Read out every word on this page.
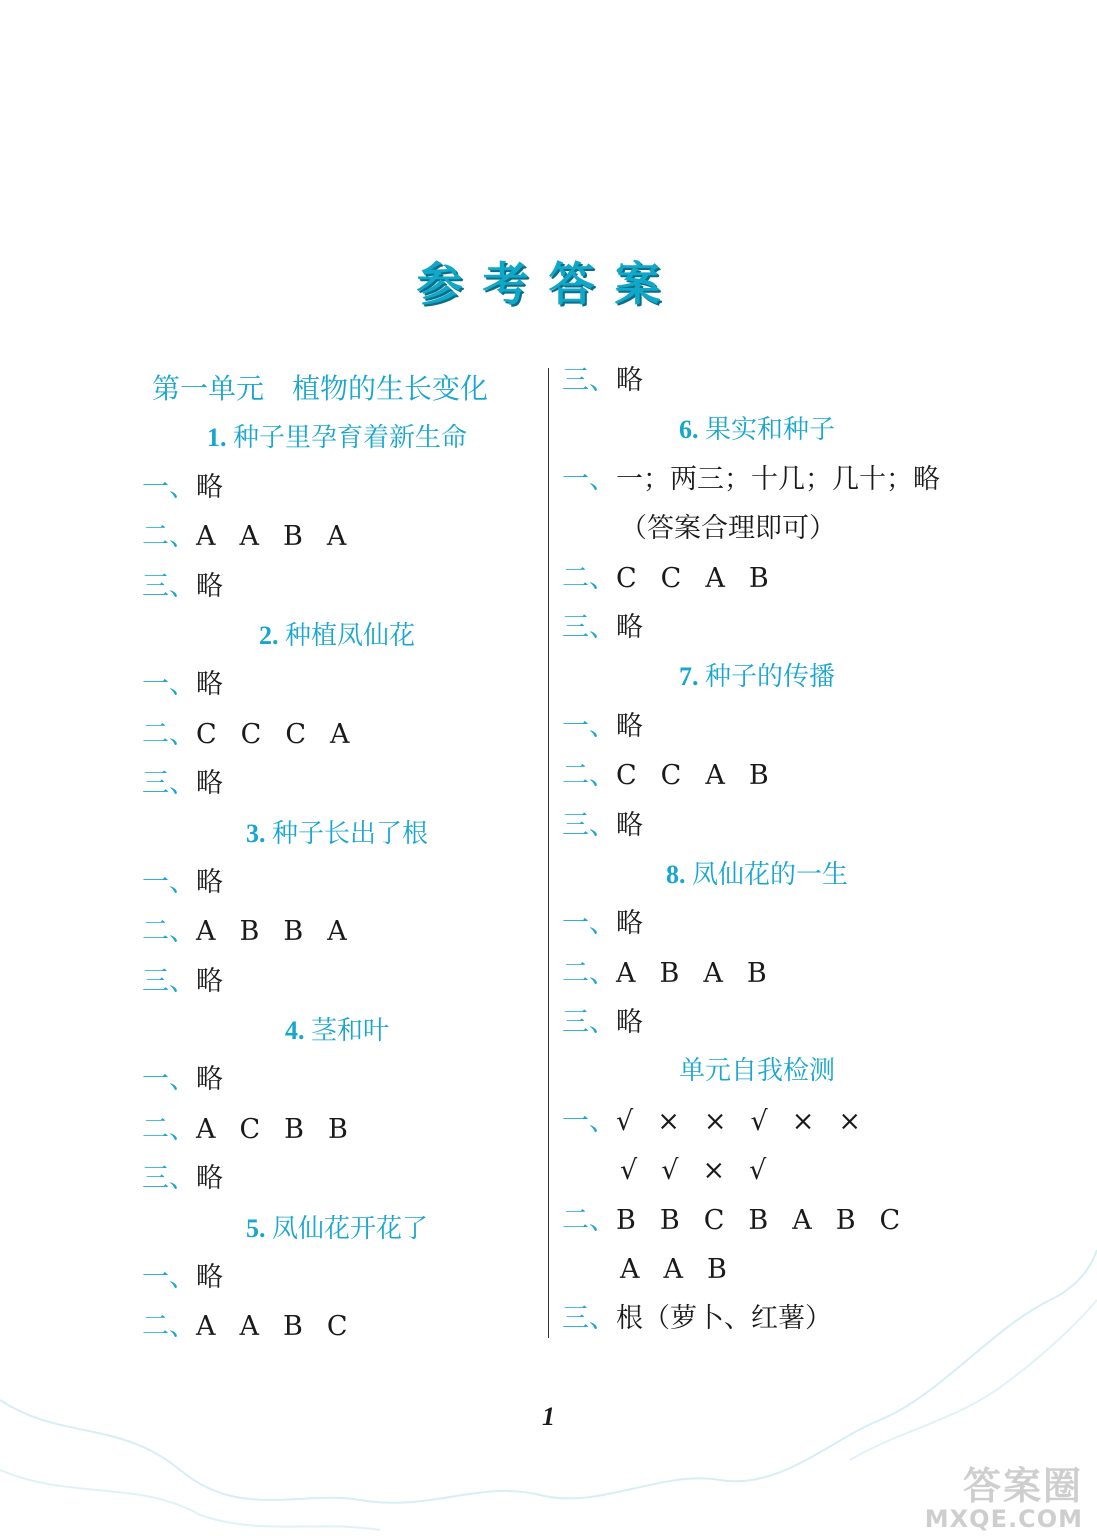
参考答案
第一单元　植物的生长变化
1. 种子里孕育着新生命
一、略
二、A A B A
三、略
2. 种植凤仙花
一、略
二、C C C A
三、略
3. 种子长出了根
一、略
二、A B B A
三、略
4. 茎和叶
一、略
二、A C B B
三、略
5. 凤仙花开花了
一、略
二、A A B C
三、略
6. 果实和种子
一、一；两三；十几；几十；略
（答案合理即可）
二、C C A B
三、略
7. 种子的传播
一、略
二、C C A B
三、略
8. 凤仙花的一生
一、略
二、A B A B
三、略
单元自我检测
一、√ × × √ × ×
√ √ × √
二、B B C B A B C
A A B
三、根（萝卜、红薯）
1
答案圈
MXQE.COM
